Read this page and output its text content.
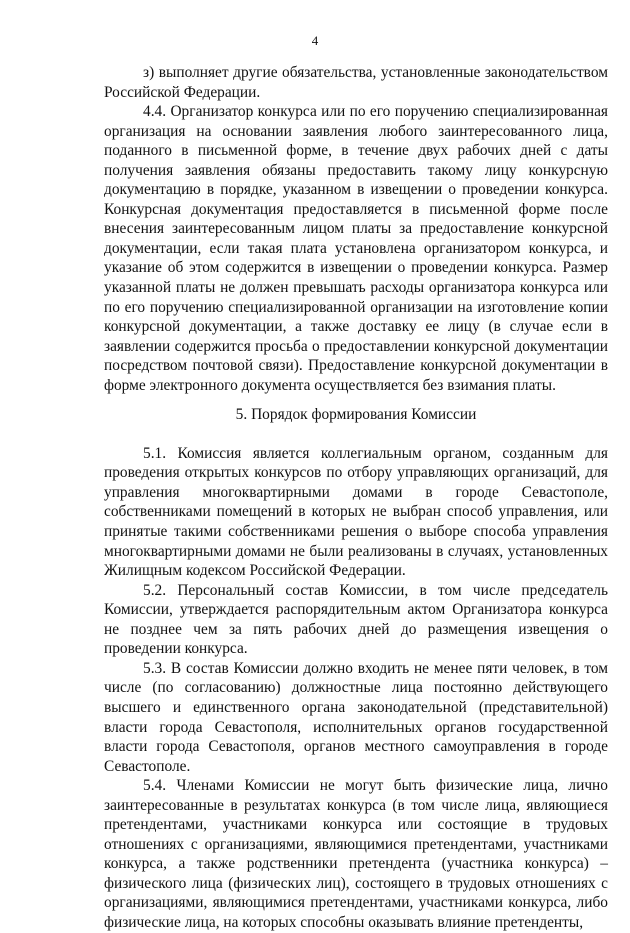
4

з) выполняет другие обязательства, установленные законодательством Российской Федерации.

4.4. Организатор конкурса или по его поручению специализированная организация на основании заявления любого заинтересованного лица, поданного в письменной форме, в течение двух рабочих дней с даты получения заявления обязаны предоставить такому лицу конкурсную документацию в порядке, указанном в извещении о проведении конкурса. Конкурсная документация предоставляется в письменной форме после внесения заинтересованным лицом платы за предоставление конкурсной документации, если такая плата установлена организатором конкурса, и указание об этом содержится в извещении о проведении конкурса. Размер указанной платы не должен превышать расходы организатора конкурса или по его поручению специализированной организации на изготовление копии конкурсной документации, а также доставку ее лицу (в случае если в заявлении содержится просьба о предоставлении конкурсной документации посредством почтовой связи). Предоставление конкурсной документации в форме электронного документа осуществляется без взимания платы.

5. Порядок формирования Комиссии

5.1. Комиссия является коллегиальным органом, созданным для проведения открытых конкурсов по отбору управляющих организаций, для управления многоквартирными домами в городе Севастополе, собственниками помещений в которых не выбран способ управления, или принятые такими собственниками решения о выборе способа управления многоквартирными домами не были реализованы в случаях, установленных Жилищным кодексом Российской Федерации.

5.2. Персональный состав Комиссии, в том числе председатель Комиссии, утверждается распорядительным актом Организатора конкурса не позднее чем за пять рабочих дней до размещения извещения о проведении конкурса.

5.3. В состав Комиссии должно входить не менее пяти человек, в том числе (по согласованию) должностные лица постоянно действующего высшего и единственного органа законодательной (представительной) власти города Севастополя, исполнительных органов государственной власти города Севастополя, органов местного самоуправления в городе Севастополе.

5.4. Членами Комиссии не могут быть физические лица, лично заинтересованные в результатах конкурса (в том числе лица, являющиеся претендентами, участниками конкурса или состоящие в трудовых отношениях с организациями, являющимися претендентами, участниками конкурса, а также родственники претендента (участника конкурса) – физического лица (физических лиц), состоящего в трудовых отношениях с организациями, являющимися претендентами, участниками конкурса, либо физические лица, на которых способны оказывать влияние претенденты,
